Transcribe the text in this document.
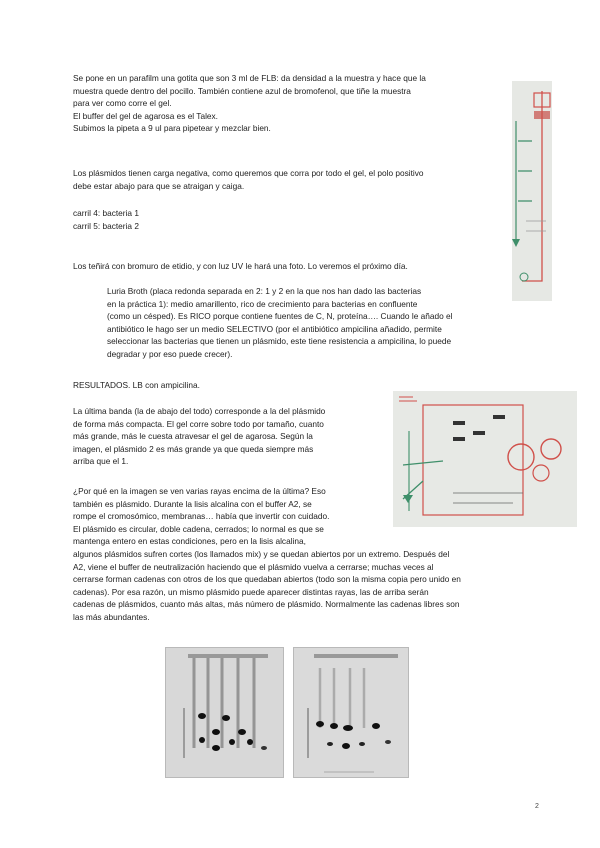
Se pone en un parafilm una gotita que son 3 ml de FLB: da densidad a la muestra y hace que la

muestra quede dentro del pocillo. También contiene azul de bromofenol, que tiñe la muestra

para ver como corre el gel.

El buffer del gel de agarosa es el Talex.

Subimos la pipeta a 9 ul para pipetear y mezclar bien.

Los plásmidos tienen carga negativa, como queremos que corra por todo el gel, el polo positivo

debe estar abajo para que se atraigan y caiga.

carril 4: bacteria 1

carril 5: bacteria 2

Los teñirá con bromuro de etidio, y con luz UV le hará una foto. Lo veremos el próximo día.

Luria Broth (placa redonda separada en 2: 1 y 2 en la que nos han dado las bacterias

en la práctica 1): medio amarillento, rico de crecimiento para bacterias en confluente

(como un césped). Es RICO porque contiene fuentes de C, N, proteína…. Cuando le añado el

antibiótico le hago ser un medio SELECTIVO (por el antibiótico ampicilina añadido, permite

seleccionar las bacterias que tienen un plásmido, este tiene resistencia a ampicilina, lo puede

degradar y por eso puede crecer).

RESULTADOS. LB con ampicilina.

La última banda (la de abajo del todo) corresponde a la del plásmido

de forma más compacta. El gel corre sobre todo por tamaño, cuanto

más grande, más le cuesta atravesar el gel de agarosa. Según la

imagen, el plásmido 2 es más grande ya que queda siempre más

arriba que el 1.

¿Por qué en la imagen se ven varias rayas encima de la última? Eso

también es plásmido. Durante la lisis alcalina con el buffer A2, se

rompe el cromosómico, membranas… había que invertir con cuidado.

El plásmido es circular, doble cadena, cerrados; lo normal es que se

mantenga entero en estas condiciones, pero en la lisis alcalina,

algunos plásmidos sufren cortes (los llamados mix) y se quedan abiertos por un extremo. Después del

A2, viene el buffer de neutralización haciendo que el plásmido vuelva a cerrarse; muchas veces al

cerrarse forman cadenas con otros de los que quedaban abiertos (todo son la misma copia pero unido en

cadenas). Por esa razón, un mismo plásmido puede aparecer distintas rayas, las de arriba serán

cadenas de plásmidos, cuanto más altas, más número de plásmido. Normalmente las cadenas libres son

las más abundantes.

2
